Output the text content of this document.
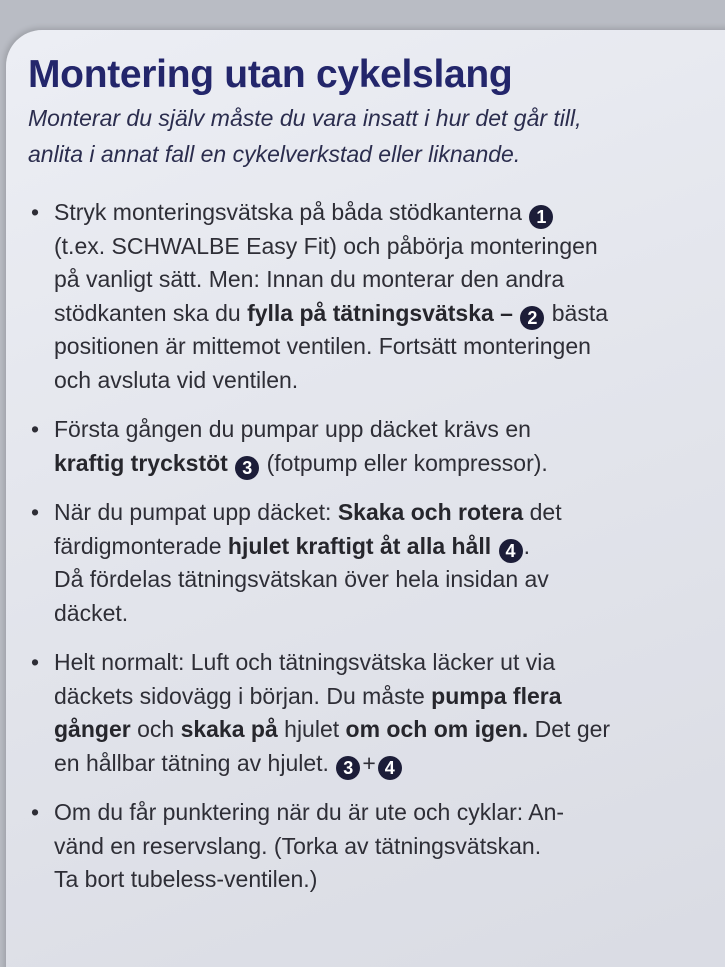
Montering utan cykelslang

Monterar du själv måste du vara insatt i hur det går till,
anlita i annat fall en cykelverkstad eller liknande.

• Stryk monteringsvätska på båda stödkanterna 1
(t.ex. SCHWALBE Easy Fit) och påbörja monteringen
på vanligt sätt. Men: Innan du monterar den andra
stödkanten ska du fylla på tätningsvätska – 2 bästa
positionen är mittemot ventilen. Fortsätt monteringen
och avsluta vid ventilen.
• Första gången du pumpar upp däcket krävs en
kraftig tryckstöt 3 (fotpump eller kompressor).
• När du pumpat upp däcket: Skaka och rotera det
färdigmonterade hjulet kraftigt åt alla håll 4 .
Då fördelas tätningsvätskan över hela insidan av
däcket.
• Helt normalt: Luft och tätningsvätska läcker ut via
däckets sidovägg i början. Du måste pumpa flera
gånger och skaka på hjulet om och om igen. Det ger
en hållbar tätning av hjulet. 3 + 4
• Om du får punktering när du är ute och cyklar: An-
vänd en reservslang. (Torka av tätningsvätskan.
Ta bort tubeless-ventilen.)
